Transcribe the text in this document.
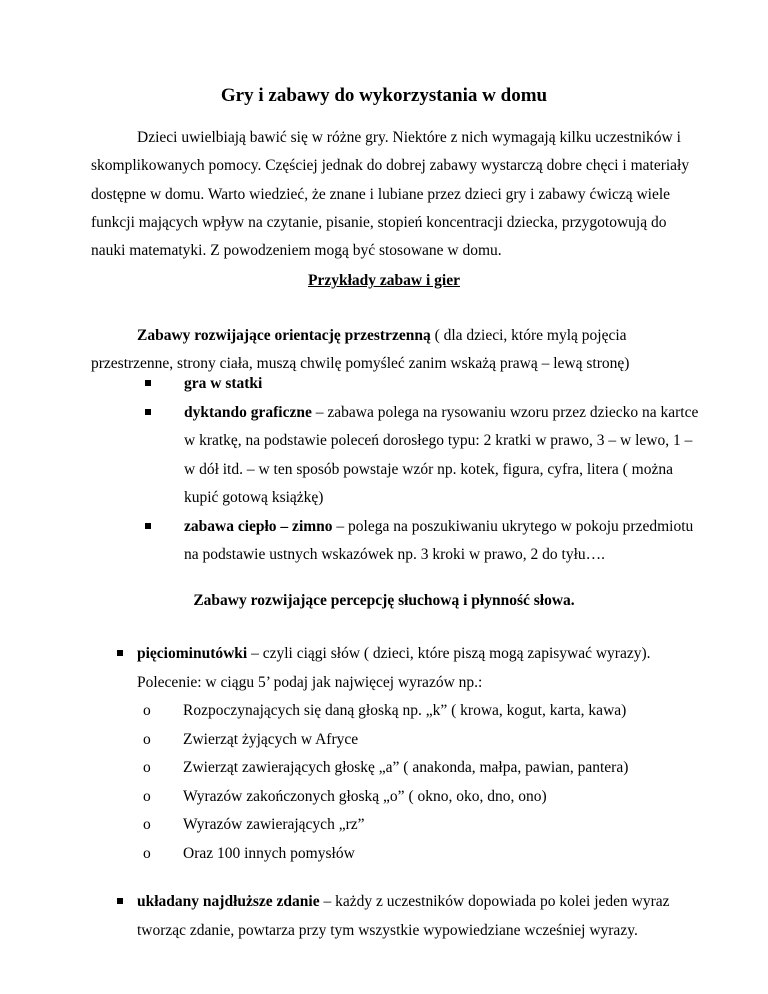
Gry i zabawy do wykorzystania w domu

Dzieci uwielbiają bawić się w różne gry. Niektóre z nich wymagają kilku uczestników i skomplikowanych pomocy. Częściej jednak do dobrej zabawy wystarczą dobre chęci i materiały dostępne w domu. Warto wiedzieć, że znane i lubiane przez dzieci gry i zabawy ćwiczą wiele funkcji mających wpływ na czytanie, pisanie, stopień koncentracji dziecka, przygotowują do nauki matematyki. Z powodzeniem mogą być stosowane w domu.

Przykłady zabaw i gier

Zabawy rozwijające orientację przestrzenną ( dla dzieci, które mylą pojęcia przestrzenne, strony ciała, muszą chwilę pomyśleć zanim wskażą prawą – lewą stronę)

gra w statki
dyktando graficzne – zabawa polega na rysowaniu wzoru przez dziecko na kartce w kratkę, na podstawie poleceń dorosłego typu: 2 kratki w prawo, 3 – w lewo, 1 – w dół itd. – w ten sposób powstaje wzór np. kotek, figura, cyfra, litera ( można kupić gotową książkę)
zabawa ciepło – zimno – polega na poszukiwaniu ukrytego w pokoju przedmiotu na podstawie ustnych wskazówek np. 3 kroki w prawo, 2 do tyłu….

Zabawy rozwijające percepcję słuchową i płynność słowa.

pięciominutówki – czyli ciągi słów ( dzieci, które piszą mogą zapisywać wyrazy). Polecenie: w ciągu 5’ podaj jak najwięcej wyrazów np.:
o Rozpoczynających się daną głoską np. „k” ( krowa, kogut, karta, kawa)
o Zwierząt żyjących w Afryce
o Zwierząt zawierających głoskę „a” ( anakonda, małpa, pawian, pantera)
o Wyrazów zakończonych głoską „o” ( okno, oko, dno, ono)
o Wyrazów zawierających „rz”
o Oraz 100 innych pomysłów
układany najdłuższe zdanie – każdy z uczestników dopowiada po kolei jeden wyraz tworząc zdanie, powtarza przy tym wszystkie wypowiedziane wcześniej wyrazy.
